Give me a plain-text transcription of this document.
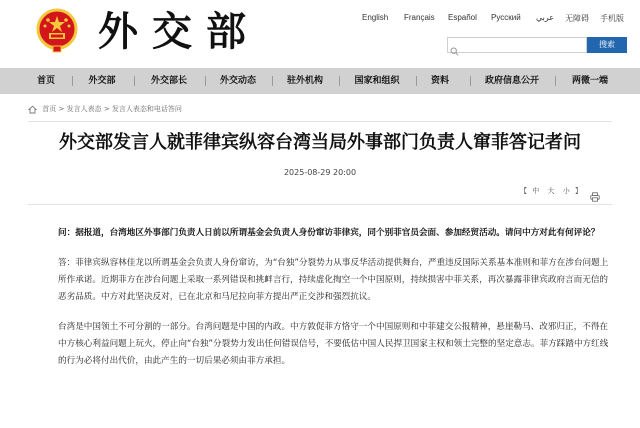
外交部	English Français Español Русский عربي 无障碍 手机版
搜索
首页	外交部	外交部长	外交动态	驻外机构	国家和组织	资料	政府信息公开	两微一端
首页 > 发言人表态 > 发言人表态和电话答问
外交部发言人就菲律宾纵容台湾当局外事部门负责人窜菲答记者问
2025-08-29 20:00
【 中 大 小 】

问：据报道，台湾地区外事部门负责人日前以所谓基金会负责人身份窜访菲律宾，同个别菲官员会面、参加经贸活动。请问中方对此有何评论？

答：菲律宾纵容林佳龙以所谓基金会负责人身份窜访，为“台独”分裂势力从事反华活动提供舞台，严重违反国际关系基本准则和菲方在涉台问题上所作承诺。近期菲方在涉台问题上采取一系列错误和挑衅言行，持续虚化掏空一个中国原则，持续损害中菲关系，再次暴露菲律宾政府言而无信的恶劣品质。中方对此坚决反对，已在北京和马尼拉向菲方提出严正交涉和强烈抗议。

台湾是中国领土不可分割的一部分。台湾问题是中国的内政。中方敦促菲方恪守一个中国原则和中菲建交公报精神，悬崖勒马、改邪归正，不得在中方核心利益问题上玩火，停止向“台独”分裂势力发出任何错误信号，不要低估中国人民捍卫国家主权和领土完整的坚定意志。菲方踩踏中方红线的行为必将付出代价，由此产生的一切后果必须由菲方承担。
